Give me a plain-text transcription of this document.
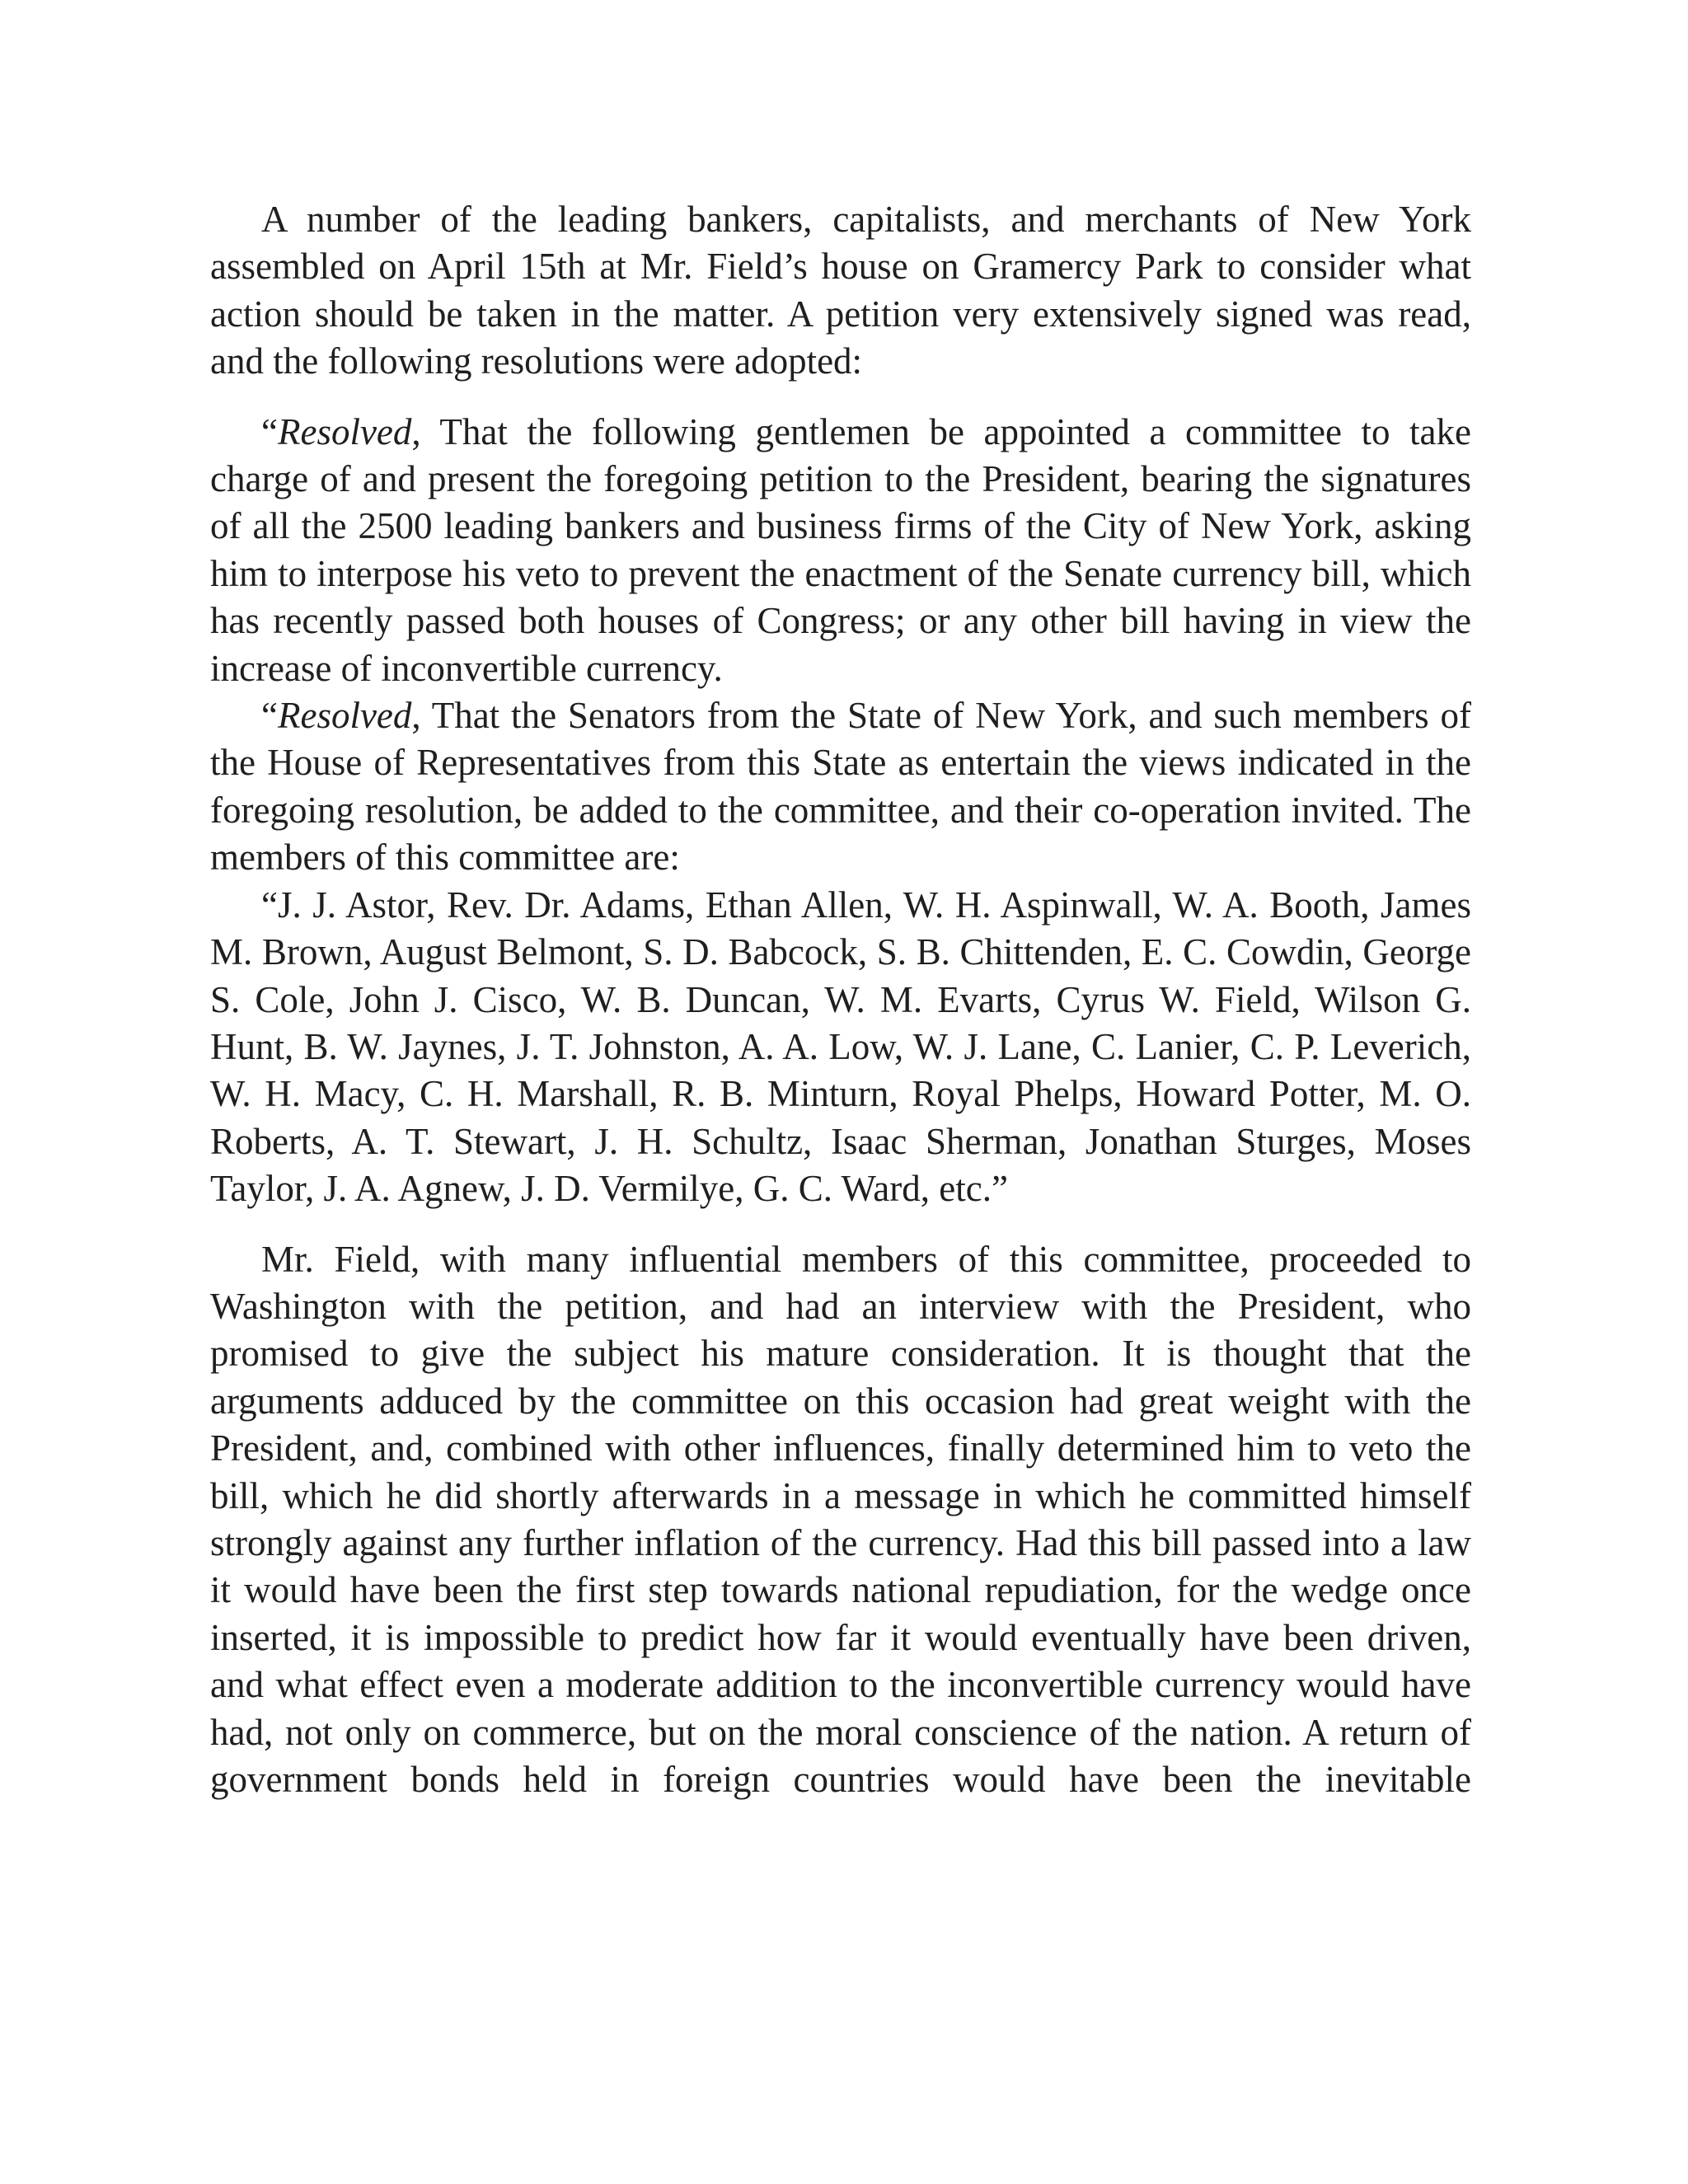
A number of the leading bankers, capitalists, and merchants of New York assembled on April 15th at Mr. Field’s house on Gramercy Park to consider what action should be taken in the matter. A petition very extensively signed was read, and the following resolutions were adopted:

“Resolved, That the following gentlemen be appointed a committee to take charge of and present the foregoing petition to the President, bearing the signatures of all the 2500 leading bankers and business firms of the City of New York, asking him to interpose his veto to prevent the enactment of the Senate currency bill, which has recently passed both houses of Congress; or any other bill having in view the increase of inconvertible currency.

“Resolved, That the Senators from the State of New York, and such members of the House of Representatives from this State as entertain the views indicated in the foregoing resolution, be added to the committee, and their co-operation invited. The members of this committee are:

“J. J. Astor, Rev. Dr. Adams, Ethan Allen, W. H. Aspinwall, W. A. Booth, James M. Brown, August Belmont, S. D. Babcock, S. B. Chittenden, E. C. Cowdin, George S. Cole, John J. Cisco, W. B. Duncan, W. M. Evarts, Cyrus W. Field, Wilson G. Hunt, B. W. Jaynes, J. T. Johnston, A. A. Low, W. J. Lane, C. Lanier, C. P. Leverich, W. H. Macy, C. H. Marshall, R. B. Minturn, Royal Phelps, Howard Potter, M. O. Roberts, A. T. Stewart, J. H. Schultz, Isaac Sherman, Jonathan Sturges, Moses Taylor, J. A. Agnew, J. D. Vermilye, G. C. Ward, etc.”

Mr. Field, with many influential members of this committee, proceeded to Washington with the petition, and had an interview with the President, who promised to give the subject his mature consideration. It is thought that the arguments adduced by the committee on this occasion had great weight with the President, and, combined with other influences, finally determined him to veto the bill, which he did shortly afterwards in a message in which he committed himself strongly against any further inflation of the currency. Had this bill passed into a law it would have been the first step towards national repudiation, for the wedge once inserted, it is impossible to predict how far it would eventually have been driven, and what effect even a moderate addition to the inconvertible currency would have had, not only on commerce, but on the moral conscience of the nation. A return of government bonds held in foreign countries would have been the inevitable
